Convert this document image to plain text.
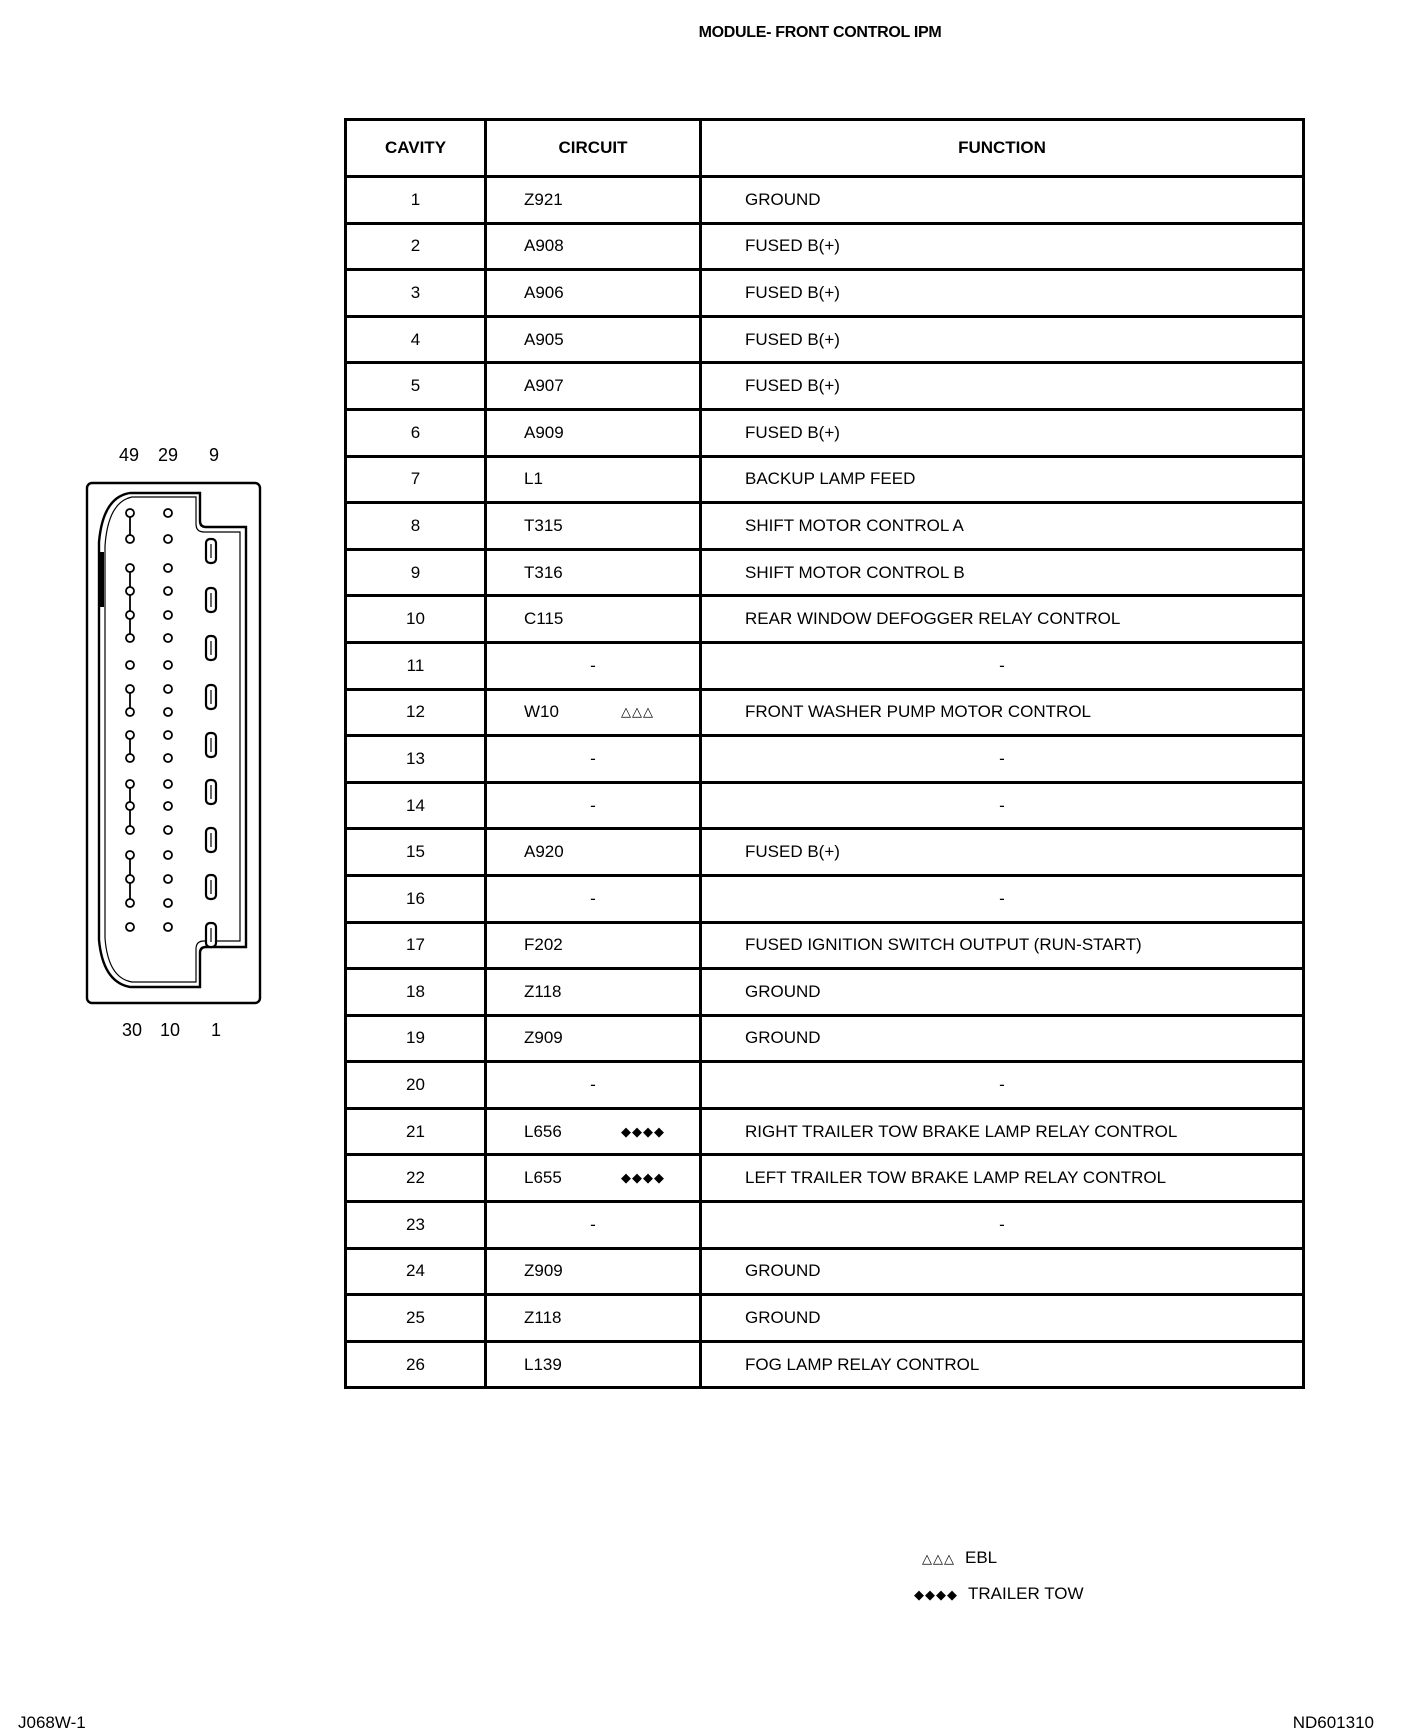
MODULE- FRONT CONTROL IPM
49 29 9
30 10 1
CAVITY	CIRCUIT	FUNCTION
1	Z921	GROUND
2	A908	FUSED B(+)
3	A906	FUSED B(+)
4	A905	FUSED B(+)
5	A907	FUSED B(+)
6	A909	FUSED B(+)
7	L1	BACKUP LAMP FEED
8	T315	SHIFT MOTOR CONTROL A
9	T316	SHIFT MOTOR CONTROL B
10	C115	REAR WINDOW DEFOGGER RELAY CONTROL
11	-	-

12	W10 △△△	FRONT WASHER PUMP MOTOR CONTROL
13	-	-

14	-	-

15	A920	FUSED B(+)
16	-	-

17	F202	FUSED IGNITION SWITCH OUTPUT (RUN-START)
18	Z118	GROUND
19	Z909	GROUND
20	-	-

21	L656 ◆◆◆◆	RIGHT TRAILER TOW BRAKE LAMP RELAY CONTROL
22	L655 ◆◆◆◆	LEFT TRAILER TOW BRAKE LAMP RELAY CONTROL
23	-	-

24	Z909	GROUND
25	Z118	GROUND
26	L139	FOG LAMP RELAY CONTROL
△△△ EBL
◆◆◆◆ TRAILER TOW
J068W-1	ND601310
